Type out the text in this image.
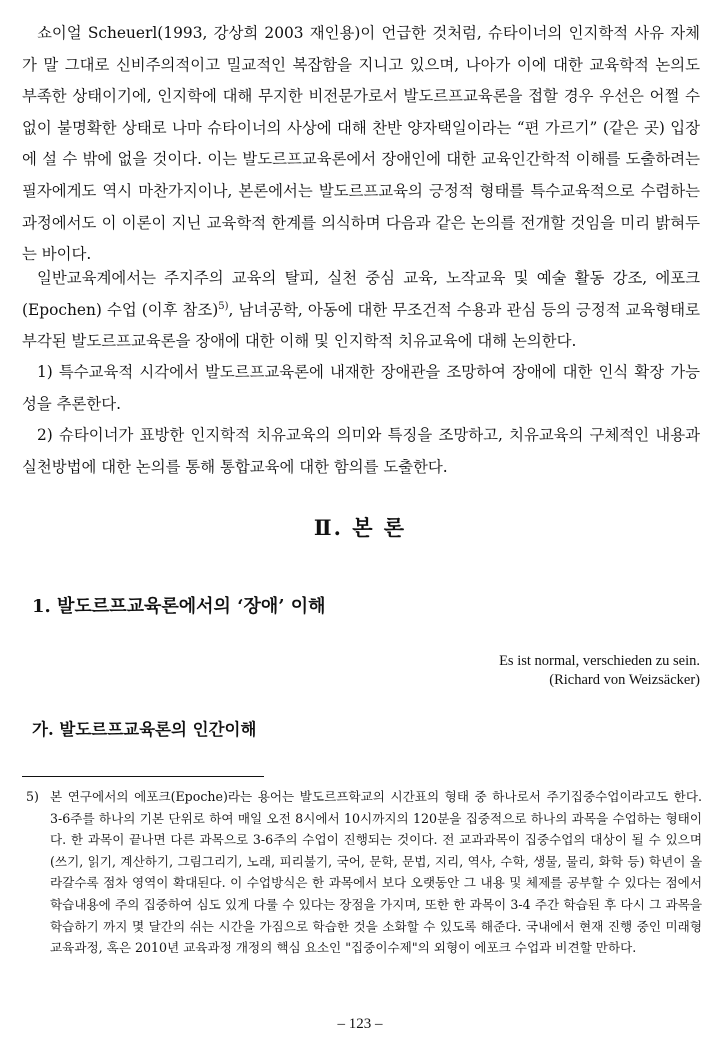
쇼이얼 Scheuerl(1993, 강상희 2003 재인용)이 언급한 것처럼, 슈타이너의 인지학적 사유 자체가 말 그대로 신비주의적이고 밀교적인 복잡함을 지니고 있으며, 나아가 이에 대한 교육학적 논의도 부족한 상태이기에, 인지학에 대해 무지한 비전문가로서 발도르프교육론을 접할 경우 우선은 어쩔 수 없이 불명확한 상태로 나마 슈타이너의 사상에 대해 찬반 양자택일이라는 “편 가르기” (같은 곳) 입장에 설 수 밖에 없을 것이다. 이는 발도르프교육론에서 장애인에 대한 교육인간학적 이해를 도출하려는 필자에게도 역시 마찬가지이나, 본론에서는 발도르프교육의 긍정적 형태를 특수교육적으로 수렴하는 과정에서도 이 이론이 지닌 교육학적 한계를 의식하며 다음과 같은 논의를 전개할 것임을 미리 밝혀두는 바이다.

일반교육계에서는 주지주의 교육의 탈피, 실천 중심 교육, 노작교육 및 예술 활동 강조, 에포크 (Epochen) 수업 (이후 참조)$^{5)}$, 남녀공학, 아동에 대한 무조건적 수용과 관심 등의 긍정적 교육형태로 부각된 발도르프교육론을 장애에 대한 이해 및 인지학적 치유교육에 대해 논의한다.

1) 특수교육적 시각에서 발도르프교육론에 내재한 장애관을 조망하여 장애에 대한 인식 확장 가능성을 추론한다.

2) 슈타이너가 표방한 인지학적 치유교육의 의미와 특징을 조망하고, 치유교육의 구체적인 내용과 실천방법에 대한 논의를 통해 통합교육에 대한 함의를 도출한다.

Ⅱ. 본 론
1. 발도르프교육론에서의 ‘장애’ 이해
Es ist normal, verschieden zu sein.
(Richard von Weizsäcker)
가. 발도르프교육론의 인간이해
5) 본 연구에서의 에포크(Epoche)라는 용어는 발도르프학교의 시간표의 형태 중 하나로서 주기집중수업이라고도 한다. 3-6주를 하나의 기본 단위로 하여 매일 오전 8시에서 10시까지의 120분을 집중적으로 하나의 과목을 수업하는 형태이다. 한 과목이 끝나면 다른 과목으로 3-6주의 수업이 진행되는 것이다. 전 교과과목이 집중수업의 대상이 될 수 있으며 (쓰기, 읽기, 계산하기, 그림그리기, 노래, 피리불기, 국어, 문학, 문법, 지리, 역사, 수학, 생물, 물리, 화학 등) 학년이 올라갈수록 점차 영역이 확대된다. 이 수업방식은 한 과목에서 보다 오랫동안 그 내용 및 체제를 공부할 수 있다는 점에서 학습내용에 주의 집중하여 심도 있게 다룰 수 있다는 장점을 가지며, 또한 한 과목이 3-4 주간 학습된 후 다시 그 과목을 학습하기 까지 몇 달간의 쉬는 시간을 가짐으로 학습한 것을 소화할 수 있도록 해준다. 국내에서 현재 진행 중인 미래형 교육과정, 혹은 2010년 교육과정 개정의 핵심 요소인 "집중이수제"의 외형이 에포크 수업과 비견할 만하다.
– 123 –
